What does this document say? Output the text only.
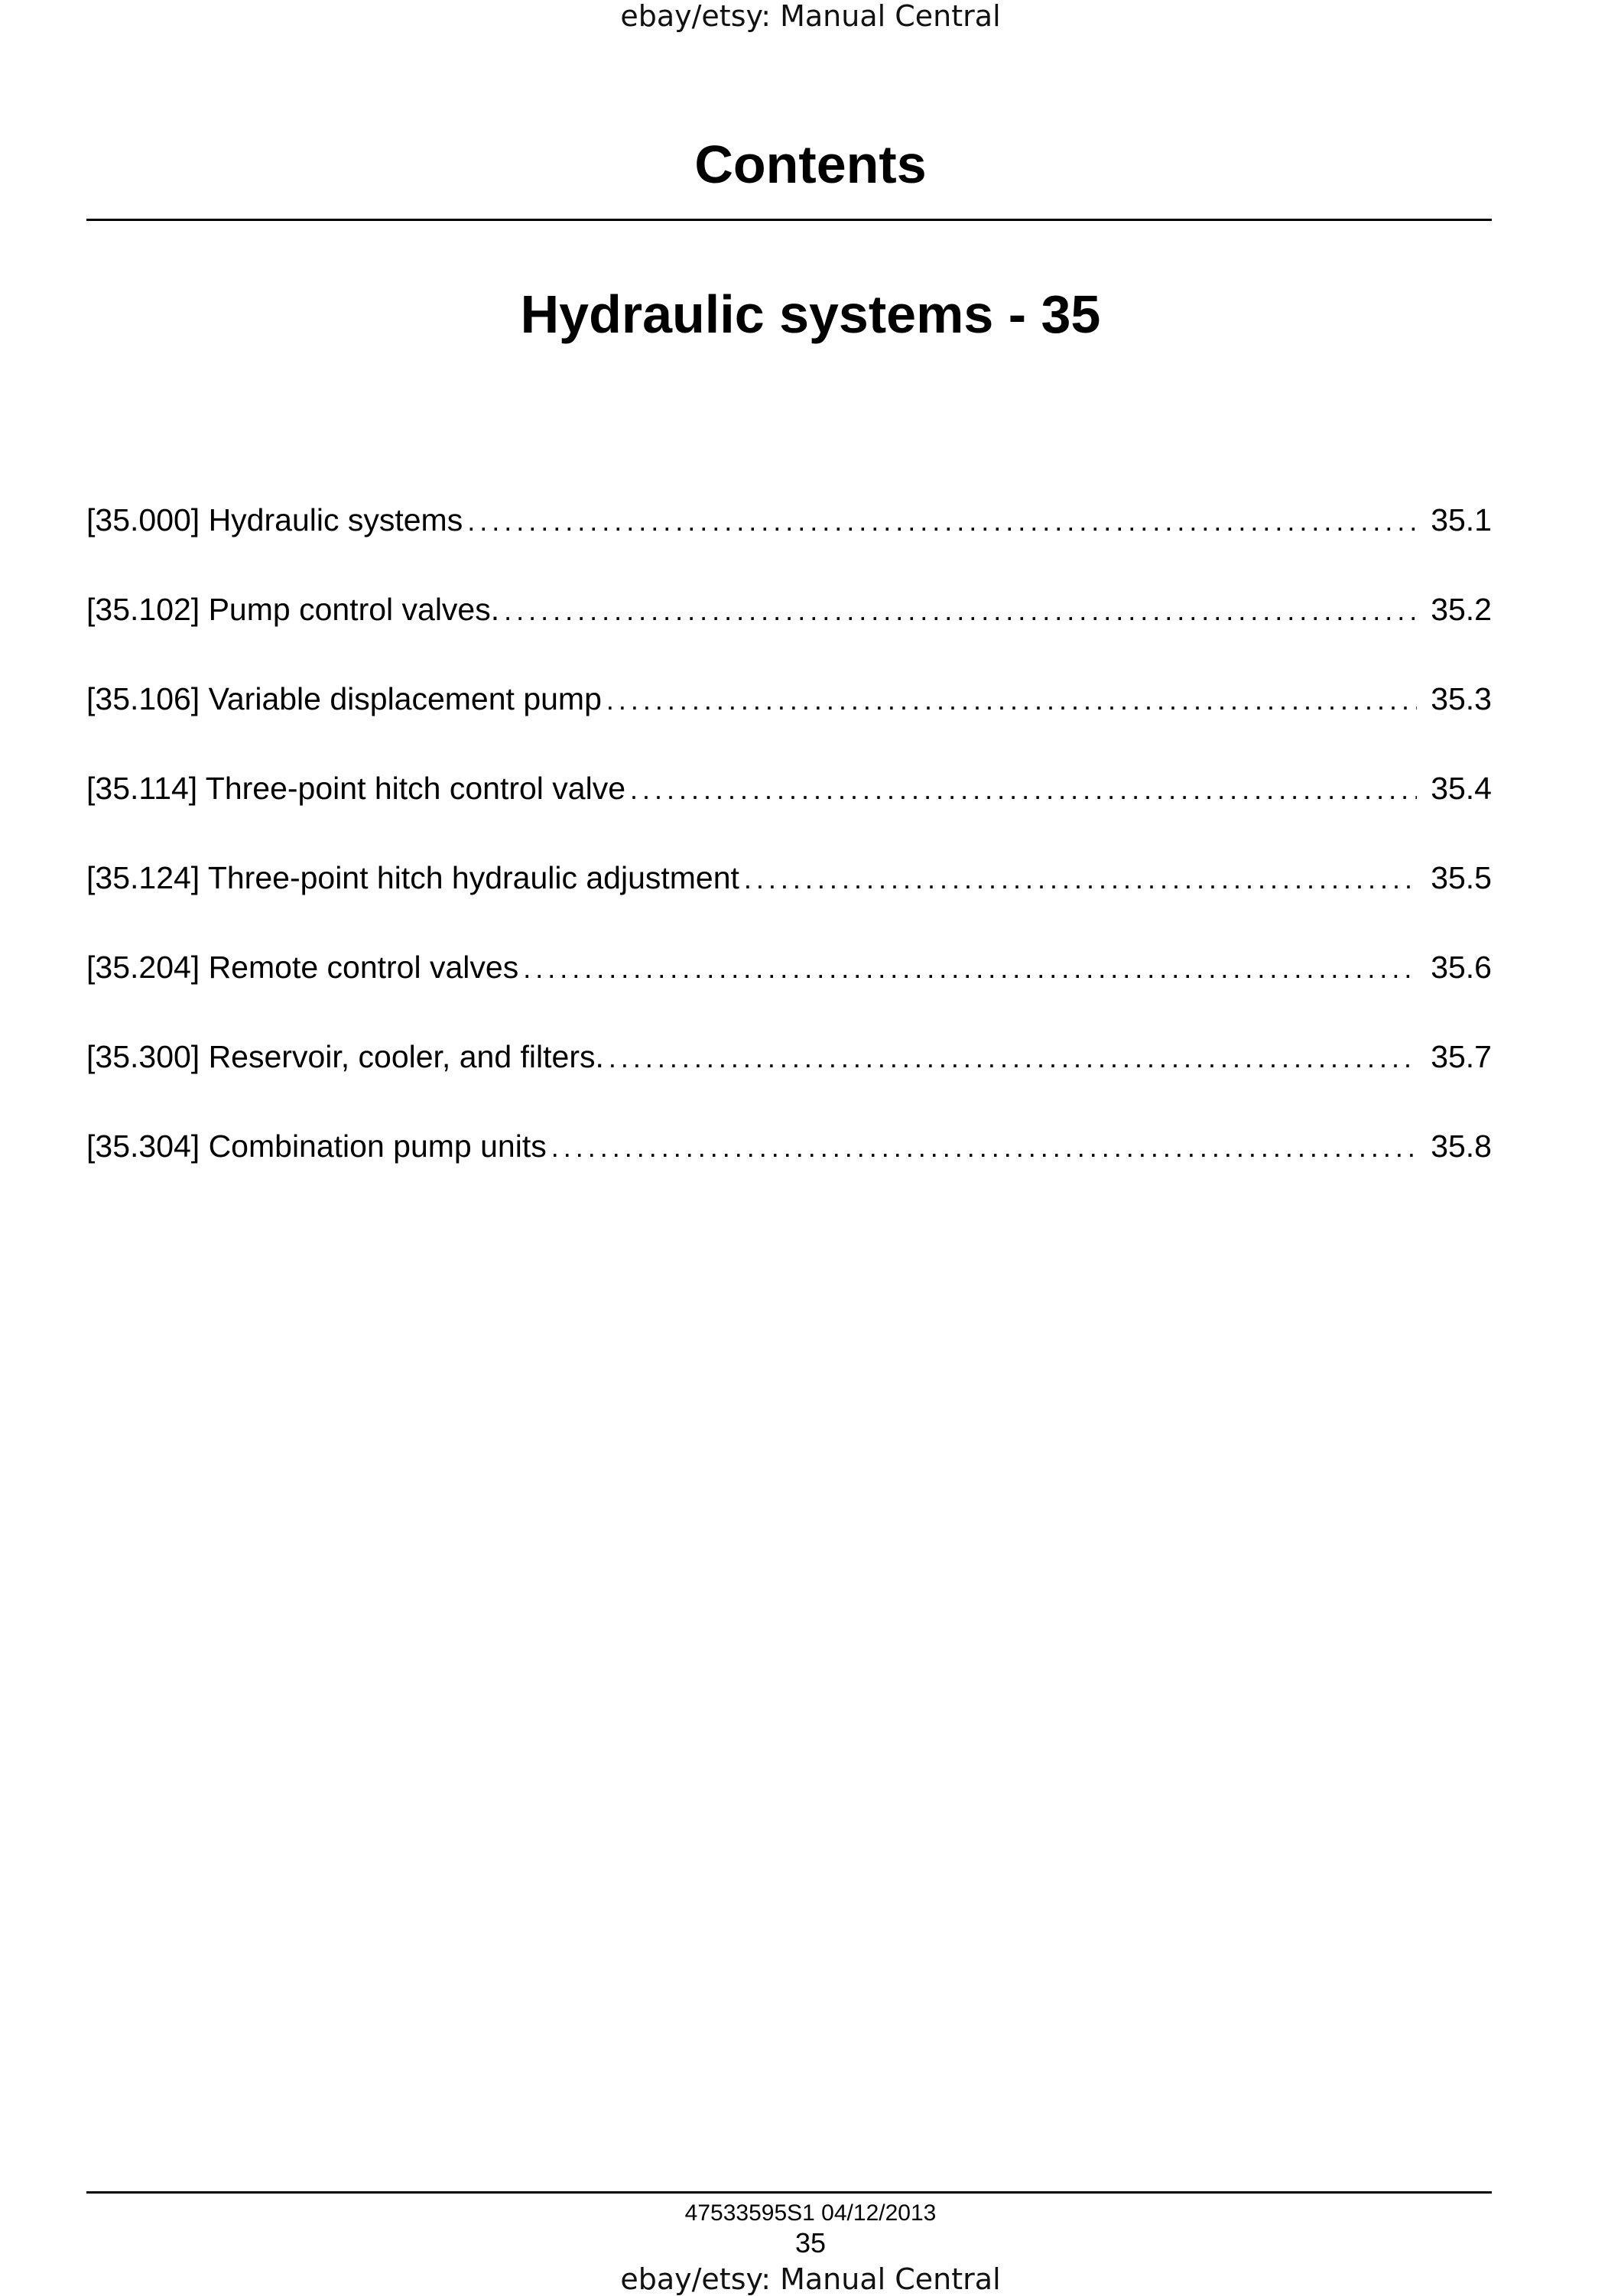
ebay/etsy: Manual Central
Contents
Hydraulic systems - 35
[35.000] Hydraulic systems .....	35.1
[35.102] Pump control valves. .....	35.2
[35.106] Variable displacement pump .....	35.3
[35.114] Three-point hitch control valve .....	35.4
[35.124] Three-point hitch hydraulic adjustment .....	35.5
[35.204] Remote control valves .....	35.6
[35.300] Reservoir, cooler, and filters. .....	35.7
[35.304] Combination pump units .....	35.8
47533595S1 04/12/2013
35
ebay/etsy: Manual Central
